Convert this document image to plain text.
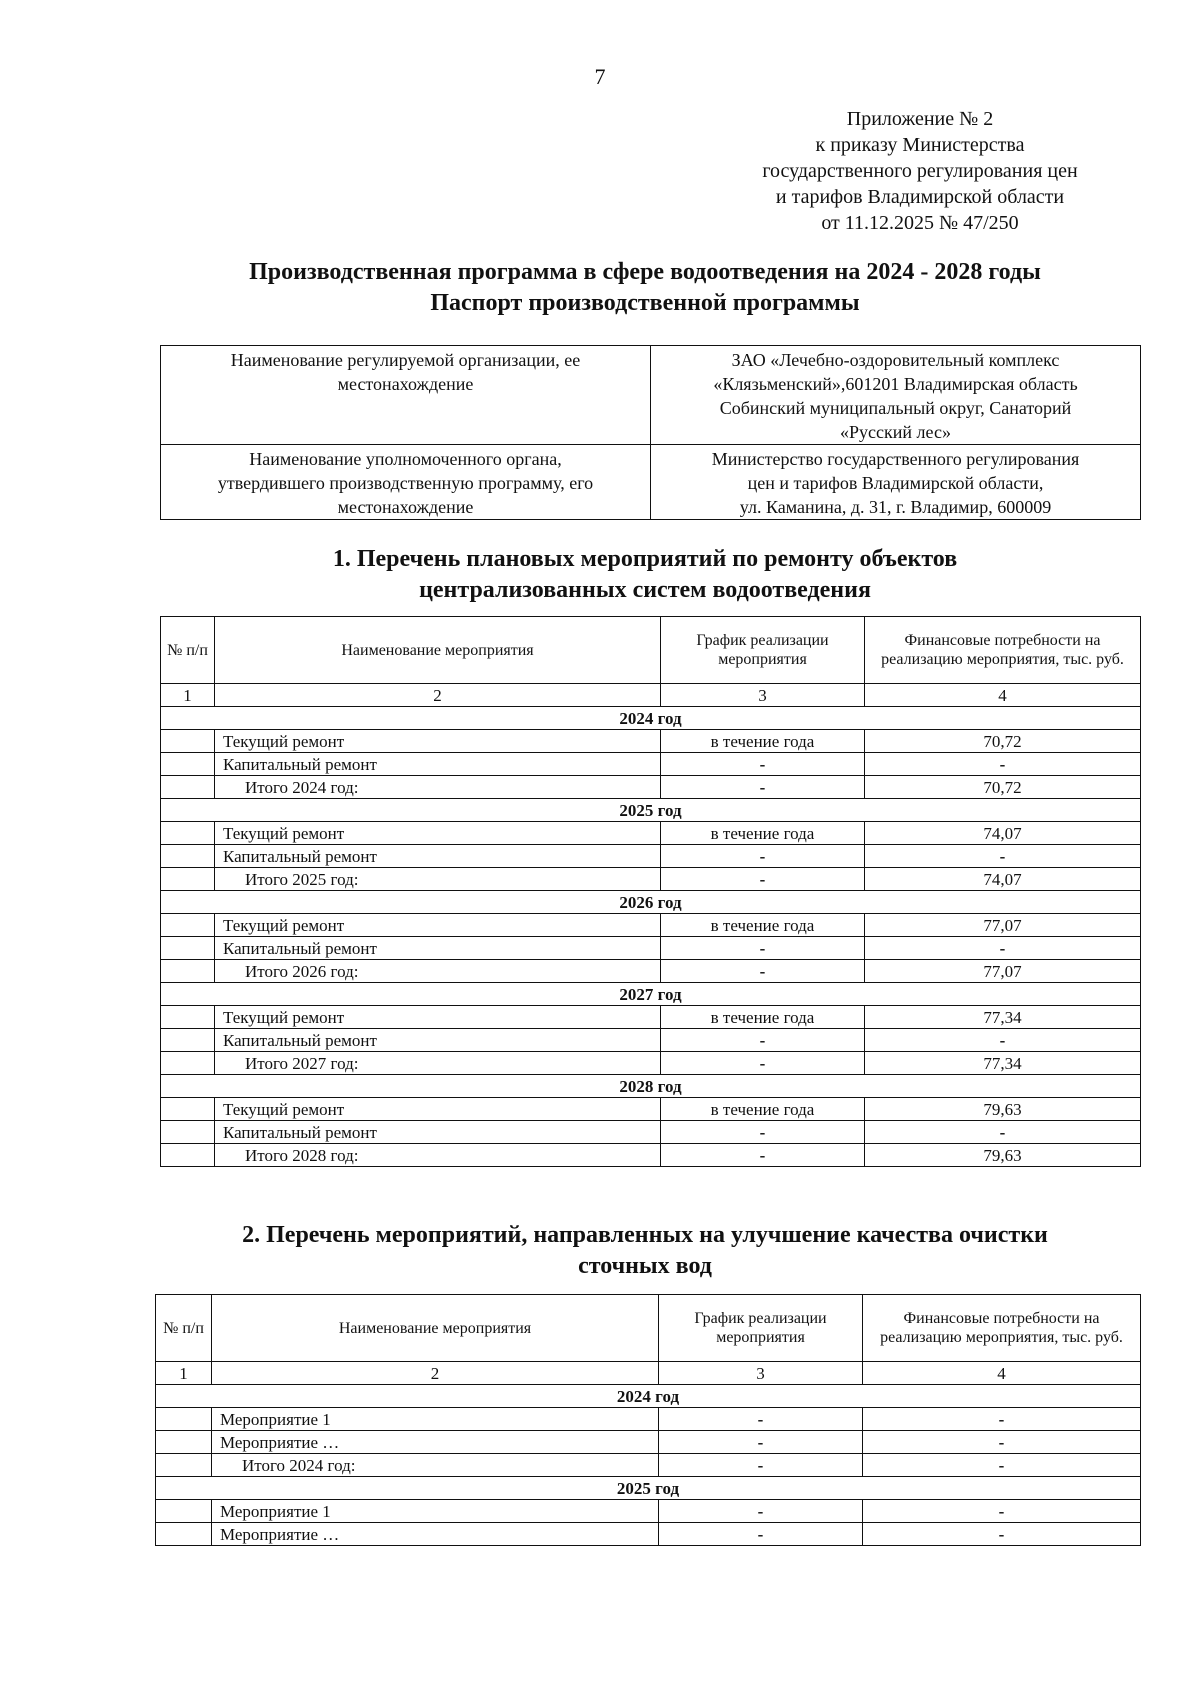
7
Приложение № 2
к приказу Министерства
государственного регулирования цен
и тарифов Владимирской области
от 11.12.2025 № 47/250
Производственная программа в сфере водоотведения на 2024 - 2028 годы
Паспорт производственной программы
Наименование регулируемой организации, ее
местонахождение	ЗАО «Лечебно-оздоровительный комплекс
«Клязьменский»,601201 Владимирская область
Собинский муниципальный округ, Санаторий
«Русский лес»

Наименование уполномоченного органа,
утвердившего производственную программу, его
местонахождение	Министерство государственного регулирования
цен и тарифов Владимирской области,
ул. Каманина, д. 31, г. Владимир, 600009
1. Перечень плановых мероприятий по ремонту объектов
централизованных систем водоотведения
№ п/п	Наименование мероприятия	График реализации мероприятия	Финансовые потребности на реализацию мероприятия, тыс. руб.
1	2	3	4
2024 год			
	Текущий ремонт	в течение года	70,72
	Капитальный ремонт	-	-
	Итого 2024 год:	-	70,72
2025 год			
	Текущий ремонт	в течение года	74,07
	Капитальный ремонт	-	-
	Итого 2025 год:	-	74,07
2026 год			
	Текущий ремонт	в течение года	77,07
	Капитальный ремонт	-	-
	Итого 2026 год:	-	77,07
2027 год			
	Текущий ремонт	в течение года	77,34
	Капитальный ремонт	-	-
	Итого 2027 год:	-	77,34
2028 год			
	Текущий ремонт	в течение года	79,63
	Капитальный ремонт	-	-
	Итого 2028 год:	-	79,63
2. Перечень мероприятий, направленных на улучшение качества очистки
сточных вод
№ п/п	Наименование мероприятия	График реализации мероприятия	Финансовые потребности на реализацию мероприятия, тыс. руб.
1	2	3	4
2024 год			
	Мероприятие 1	-	-
	Мероприятие …	-	-
	Итого 2024 год:	-	-
2025 год			
	Мероприятие 1	-	-
	Мероприятие …	-	-
